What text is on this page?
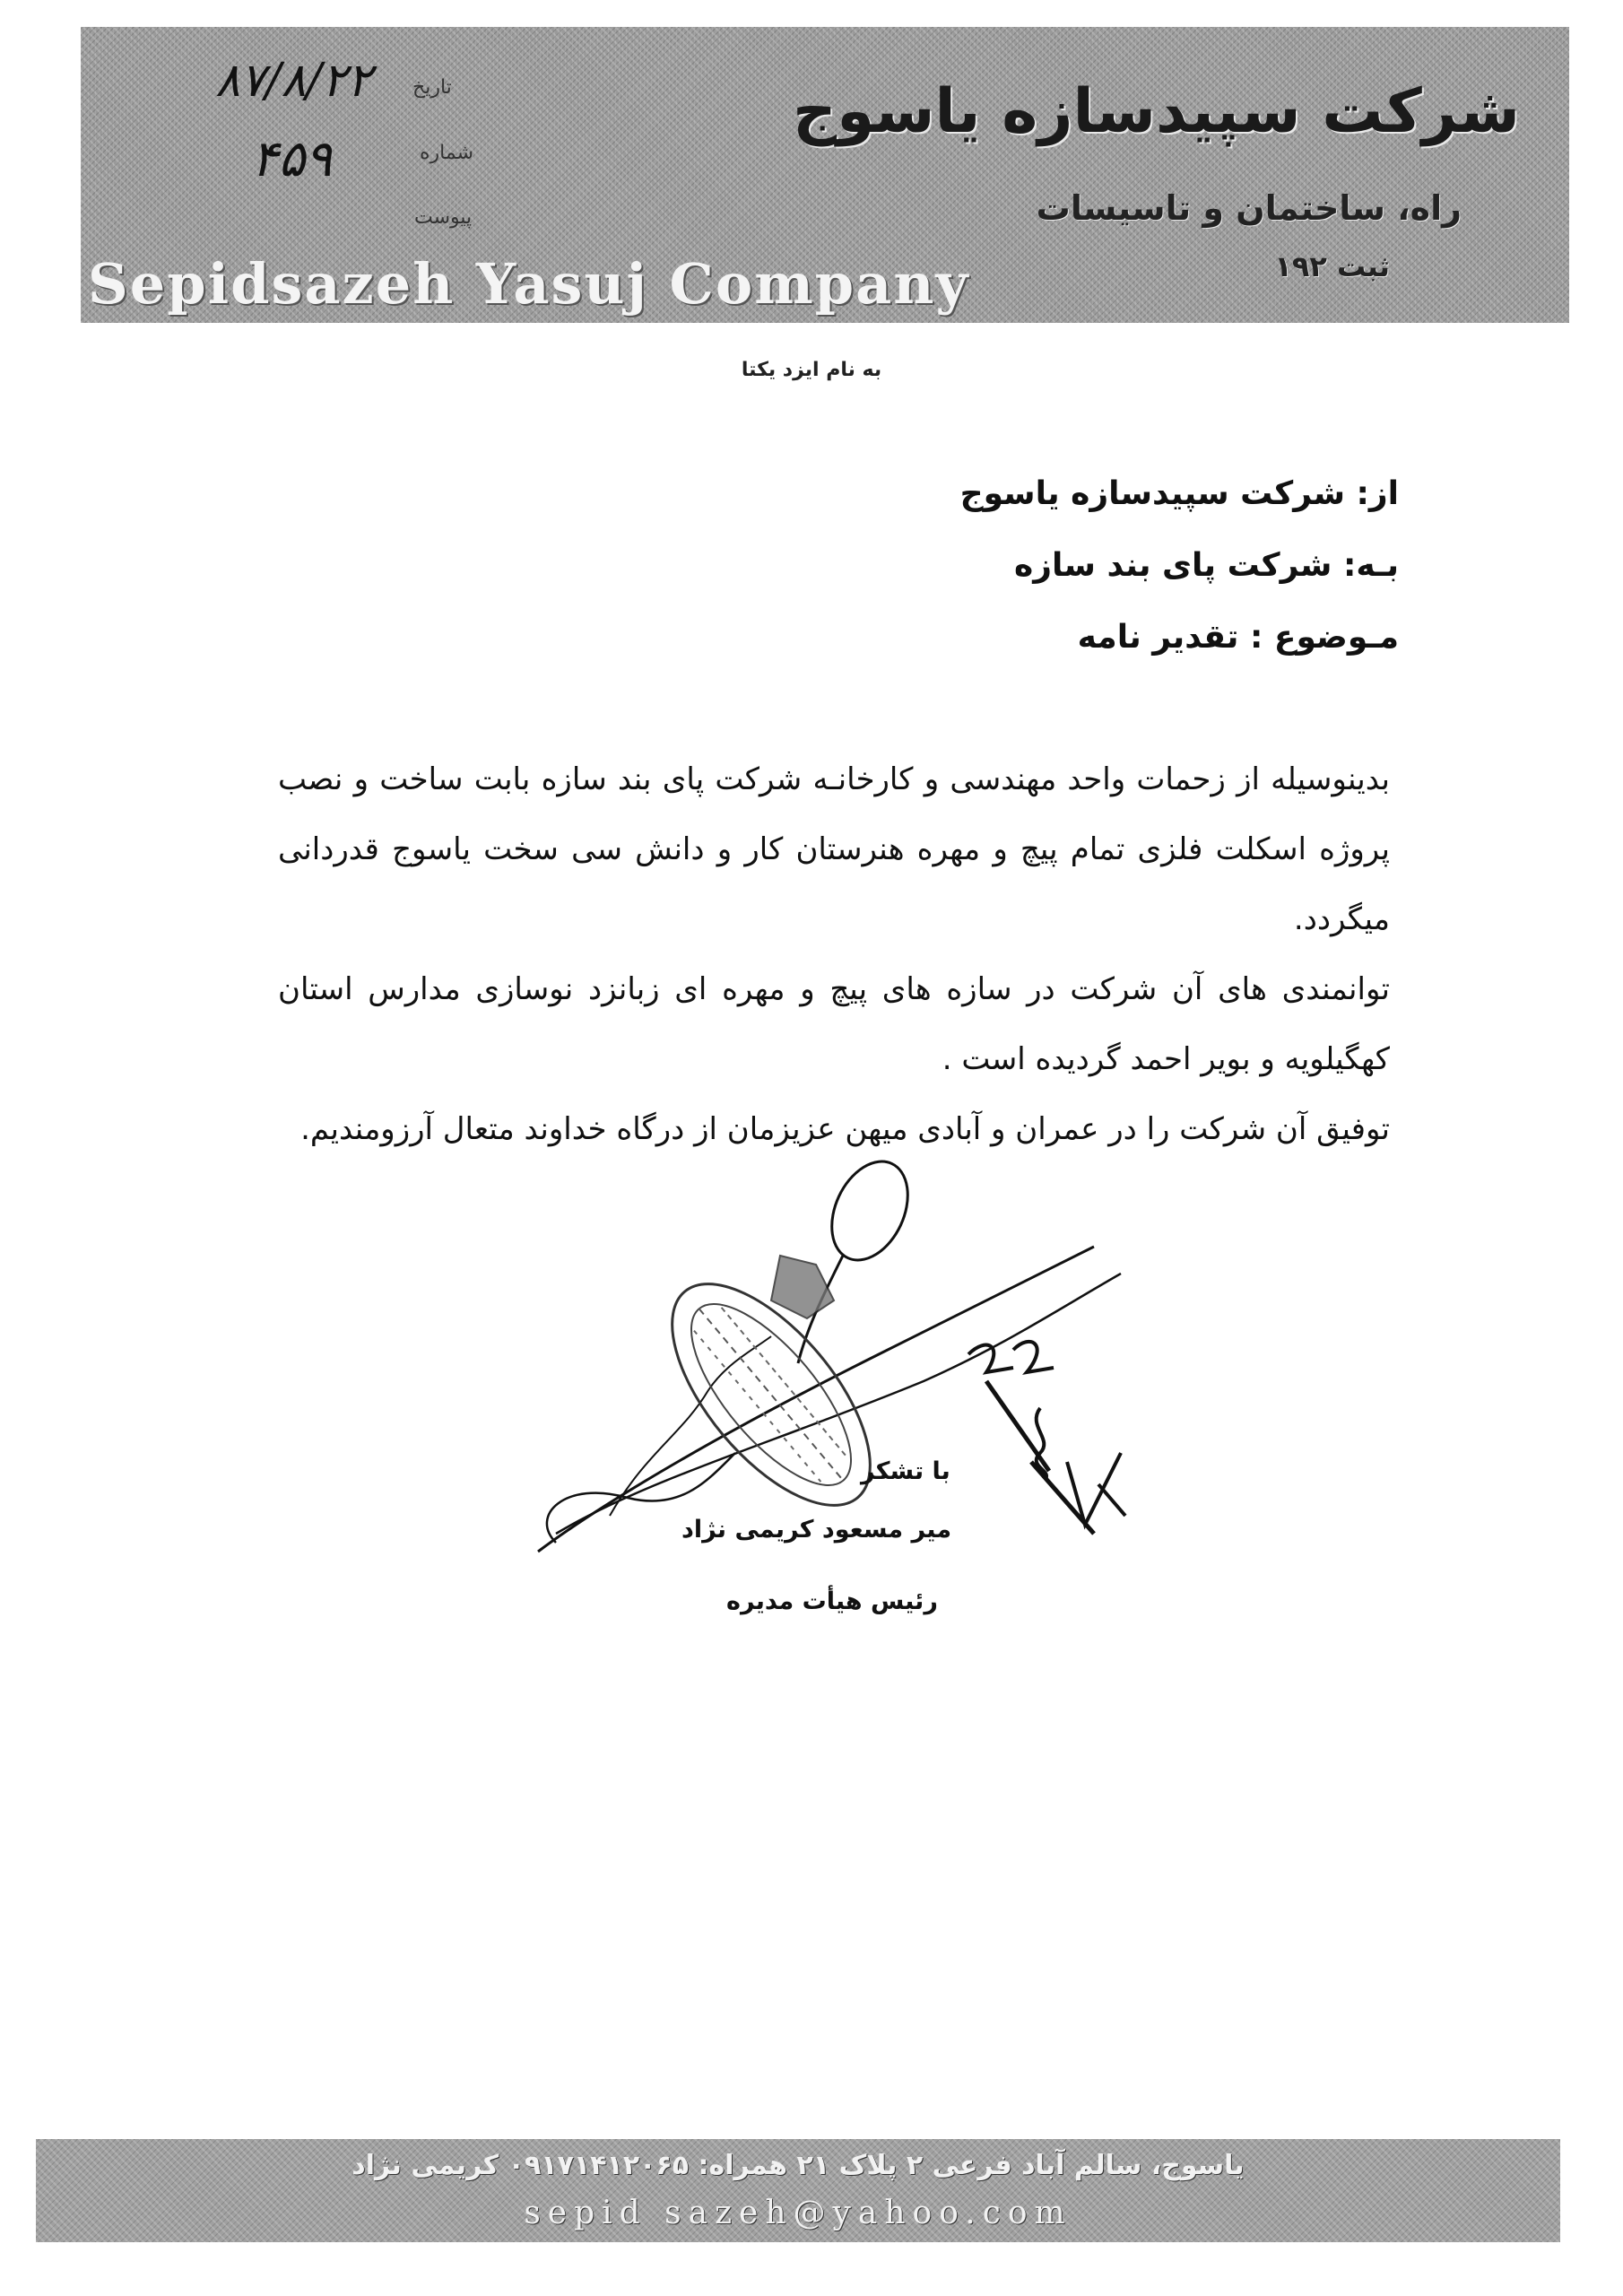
شرکت سپیدسازه یاسوج
راه، ساختمان و تاسیسات
ثبت ۱۹۲
Sepidsazeh Yasuj Company
تاریخ
شماره
پیوست
۸۷/۸/۲۲
۴۵۹
به نام ایزد یکتا
از: شرکت سپیدسازه یاسوج
بـه: شرکت پای بند سازه
مـوضوع : تقدیر نامه

بدینوسیله از زحمات واحد مهندسی و کارخانـه شرکت پای بند سازه بابت ساخت و نصب پروژه اسکلت فلزی تمام پیچ و مهره هنرستان کار و دانش سی سخت یاسوج قدردانی میگردد.

توانمندی های آن شرکت در سازه های پیچ و مهره ای زبانزد نوسازی مدارس استان کهگیلویه و بویر احمد گردیده است .

توفیق آن شرکت را در عمران و آبادی میهن عزیزمان از درگاه خداوند متعال آرزومندیم.

با تشکر
میر مسعود کریمی نژاد
رئیس هیأت مدیره
یاسوج، سالم آباد فرعی ۲ پلاک ۲۱ همراه: ۰۹۱۷۱۴۱۲۰۶۵ کریمی نژاد
sepid sazeh@yahoo.com
